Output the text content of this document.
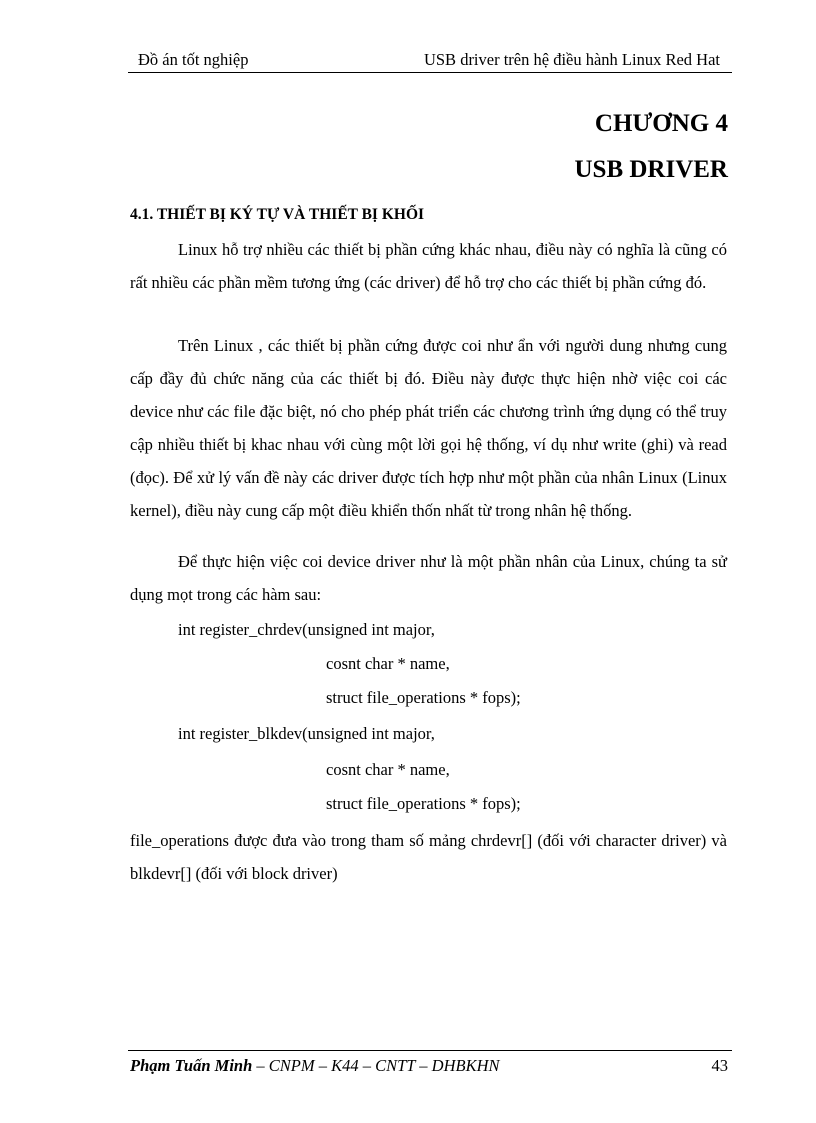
Đồ án tốt nghiệp	USB driver trên hệ điều hành Linux Red Hat
CHƯƠNG 4
USB DRIVER
4.1. THIẾT BỊ KÝ TỰ VÀ THIẾT BỊ KHỐI

Linux hỗ trợ nhiều các thiết bị phần cứng khác nhau, điều này có nghĩa là cũng có rất nhiều các phần mềm tương ứng (các driver) để hỗ trợ cho các thiết bị phần cứng đó.

Trên Linux , các thiết bị phần cứng được coi như ẩn với người dung nhưng cung cấp đầy đủ chức năng của các thiết bị đó. Điều này được thực hiện nhờ việc coi các device như các file đặc biệt, nó cho phép phát triển các chương trình ứng dụng có thể truy cập nhiều thiết bị khac nhau với cùng một lời gọi hệ thống, ví dụ như write (ghi) và read (đọc). Để xử lý vấn đề này các driver được tích hợp như một phần của nhân Linux (Linux kernel), điều này cung cấp một điều khiển thốn nhất từ trong nhân hệ thống.

Để thực hiện việc coi device driver như là một phần nhân của Linux, chúng ta sử dụng mọt trong các hàm sau:

int register_chrdev(unsigned int major,
cosnt char * name,
struct file_operations * fops);
int register_blkdev(unsigned int major,
cosnt char * name,
struct file_operations * fops);

file_operations được đưa vào trong tham số mảng chrdevr[] (đối với character driver) và blkdevr[] (đối với block driver)

Phạm Tuấn Minh – CNPM – K44 – CNTT – DHBKHN	43
